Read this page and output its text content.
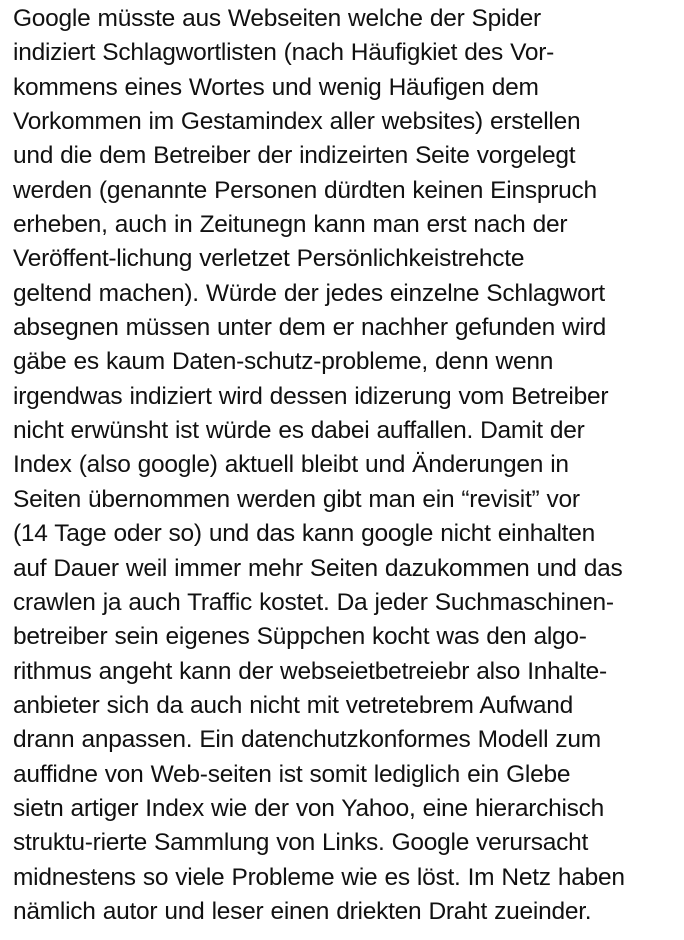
Google müsste aus Webseiten welche der Spider
indiziert Schlagwortlisten (nach Häufigkiet des Vor-
kommens eines Wortes und wenig Häufigen dem
Vorkommen im Gestamindex aller websites) erstellen
und die dem Betreiber der indizeirten Seite vorgelegt
werden (genannte Personen dürdten keinen Einspruch
erheben, auch in Zeitunegn kann man erst nach der
Veröffent-lichung verletzet Persönlichkeistrehcte
geltend machen). Würde der jedes einzelne Schlagwort
absegnen müssen unter dem er nachher gefunden wird
gäbe es kaum Daten-schutz-probleme, denn wenn
irgendwas indiziert wird dessen idizerung vom Betreiber
nicht erwünsht ist würde es dabei auffallen. Damit der
Index (also google) aktuell bleibt und Änderungen in
Seiten übernommen werden gibt man ein “revisit” vor
(14 Tage oder so) und das kann google nicht einhalten
auf Dauer weil immer mehr Seiten dazukommen und das
crawlen ja auch Traffic kostet. Da jeder Suchmaschinen-
betreiber sein eigenes Süppchen kocht was den algo-
rithmus angeht kann der webseietbetreiebr also Inhalte-
anbieter sich da auch nicht mit vetretebrem Aufwand
drann anpassen. Ein datenchutzkonformes Modell zum
auffidne von Web-seiten ist somit lediglich ein Glebe
sietn artiger Index wie der von Yahoo, eine hierarchisch
struktu-rierte Sammlung von Links. Google verursacht
midnestens so viele Probleme wie es löst. Im Netz haben
nämlich autor und leser einen driekten Draht zueinder.
